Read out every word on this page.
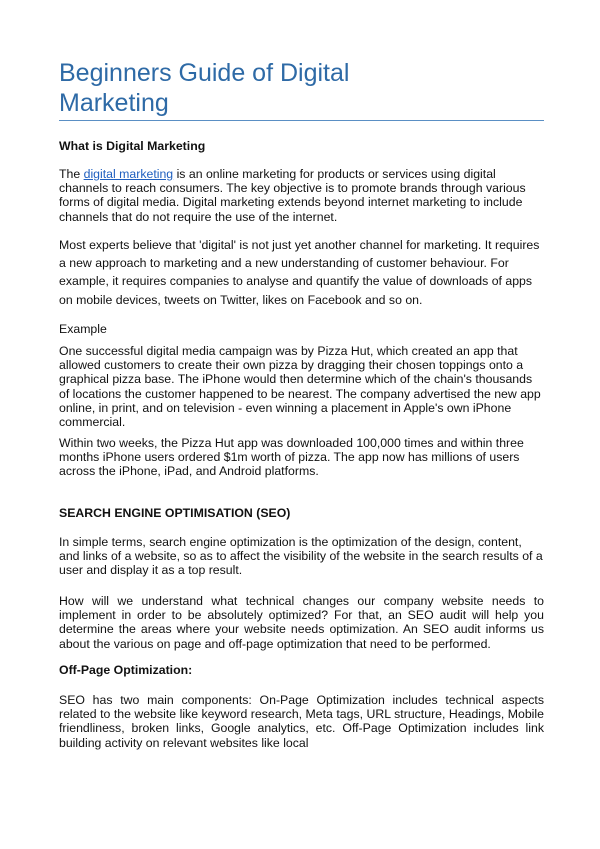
Beginners Guide of Digital
Marketing
What is Digital Marketing

The digital marketing is an online marketing for products or services using digital channels to reach consumers. The key objective is to promote brands through various forms of digital media. Digital marketing extends beyond internet marketing to include channels that do not require the use of the internet.

Most experts believe that 'digital' is not just yet another channel for marketing. It requires a new approach to marketing and a new understanding of customer behaviour. For example, it requires companies to analyse and quantify the value of downloads of apps on mobile devices, tweets on Twitter, likes on Facebook and so on.
Example
One successful digital media campaign was by Pizza Hut, which created an app that allowed customers to create their own pizza by dragging their chosen toppings onto a graphical pizza base. The iPhone would then determine which of the chain's thousands of locations the customer happened to be nearest. The company advertised the new app online, in print, and on television - even winning a placement in Apple's own iPhone commercial.
Within two weeks, the Pizza Hut app was downloaded 100,000 times and within three months iPhone users ordered $1m worth of pizza. The app now has millions of users across the iPhone, iPad, and Android platforms.
SEARCH ENGINE OPTIMISATION (SEO)
In simple terms, search engine optimization is the optimization of the design, content, and links of a website, so as to affect the visibility of the website in the search results of a user and display it as a top result.
How will we understand what technical changes our company website needs to implement in order to be absolutely optimized? For that, an SEO audit will help you determine the areas where your website needs optimization. An SEO audit informs us about the various on page and off-page optimization that need to be performed.
Off-Page Optimization:
SEO has two main components: On-Page Optimization includes technical aspects related to the website like keyword research, Meta tags, URL structure, Headings, Mobile friendliness, broken links, Google analytics, etc. Off-Page Optimization includes link building activity on relevant websites like local
